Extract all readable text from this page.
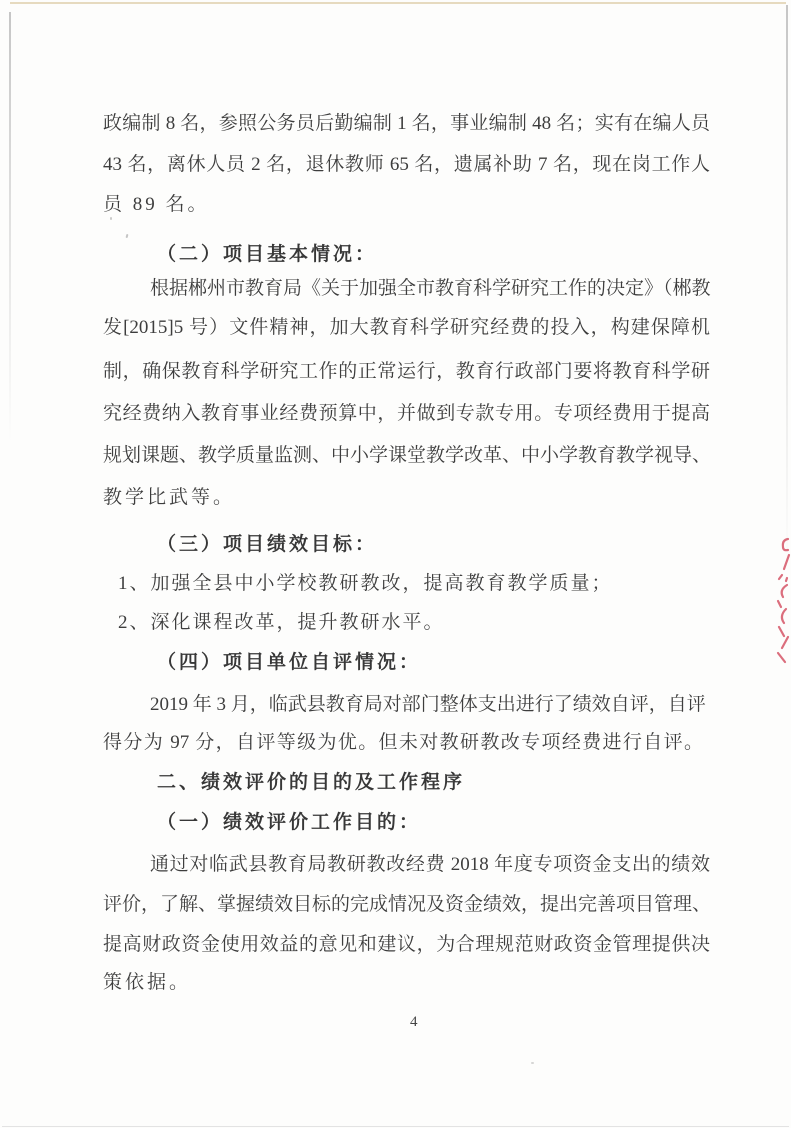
政编制 8 名，参照公务员后勤编制 1 名，事业编制 48 名；实有在编人员
43 名，离休人员 2 名，退休教师 65 名，遗属补助 7 名，现在岗工作人
员 89 名。
（二）项目基本情况：
根据郴州市教育局《关于加强全市教育科学研究工作的决定》（郴教
发[2015]5 号）文件精神，加大教育科学研究经费的投入，构建保障机
制，确保教育科学研究工作的正常运行，教育行政部门要将教育科学研
究经费纳入教育事业经费预算中，并做到专款专用。专项经费用于提高
规划课题、教学质量监测、中小学课堂教学改革、中小学教育教学视导、
教学比武等。
（三）项目绩效目标：
1、加强全县中小学校教研教改，提高教育教学质量；
2、深化课程改革，提升教研水平。
（四）项目单位自评情况：
2019 年 3 月，临武县教育局对部门整体支出进行了绩效自评，自评
得分为 97 分，自评等级为优。但未对教研教改专项经费进行自评。
二、绩效评价的目的及工作程序
（一）绩效评价工作目的：
通过对临武县教育局教研教改经费 2018 年度专项资金支出的绩效
评价，了解、掌握绩效目标的完成情况及资金绩效，提出完善项目管理、
提高财政资金使用效益的意见和建议，为合理规范财政资金管理提供决
策依据。
4
